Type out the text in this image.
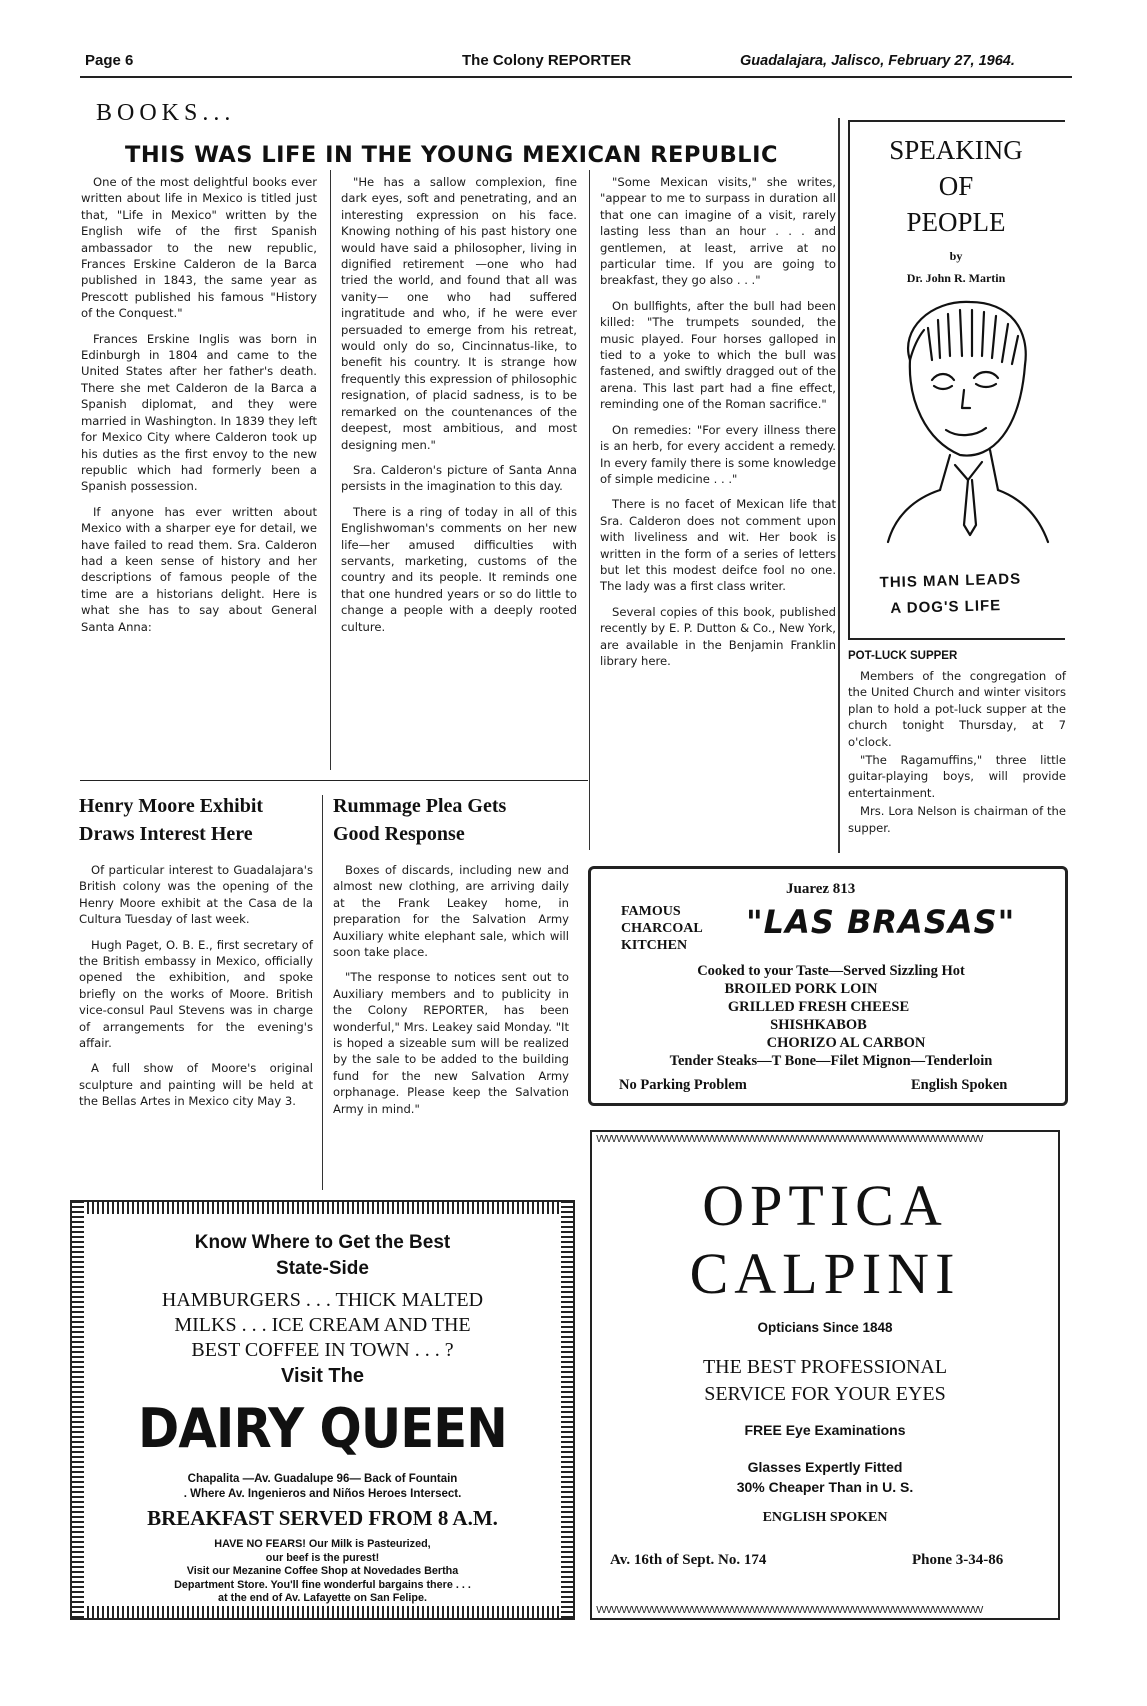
Page 6	The Colony REPORTER	Guadalajara, Jalisco, February 27, 1964.
BOOKS...
THIS WAS LIFE IN THE YOUNG MEXICAN REPUBLIC

One of the most delightful books ever written about life in Mexico is titled just that, "Life in Mexico" written by the English wife of the first Spanish ambassador to the new republic, Frances Erskine Calderon de la Barca published in 1843, the same year as Prescott published his famous "History of the Conquest."

Frances Erskine Inglis was born in Edinburgh in 1804 and came to the United States after her father's death. There she met Calderon de la Barca a Spanish diplomat, and they were married in Washington. In 1839 they left for Mexico City where Calderon took up his duties as the first envoy to the new republic which had formerly been a Spanish possession.

If anyone has ever written about Mexico with a sharper eye for detail, we have failed to read them. Sra. Calderon had a keen sense of history and her descriptions of famous people of the time are a historians delight. Here is what she has to say about General Santa Anna:

"He has a sallow complexion, fine dark eyes, soft and penetrating, and an interesting expression on his face. Knowing nothing of his past history one would have said a philosopher, living in dignified retirement —one who had tried the world, and found that all was vanity— one who had suffered ingratitude and who, if he were ever persuaded to emerge from his retreat, would only do so, Cincinnatus-like, to benefit his country. It is strange how frequently this expression of philosophic resignation, of placid sadness, is to be remarked on the countenances of the deepest, most ambitious, and most designing men."

Sra. Calderon's picture of Santa Anna persists in the imagination to this day.

There is a ring of today in all of this Englishwoman's comments on her new life—her amused difficulties with servants, marketing, customs of the country and its people. It reminds one that one hundred years or so do little to change a people with a deeply rooted culture.

"Some Mexican visits," she writes, "appear to me to surpass in duration all that one can imagine of a visit, rarely lasting less than an hour . . . and gentlemen, at least, arrive at no particular time. If you are going to breakfast, they go also . . ."

On bullfights, after the bull had been killed: "The trumpets sounded, the music played. Four horses galloped in tied to a yoke to which the bull was fastened, and swiftly dragged out of the arena. This last part had a fine effect, reminding one of the Roman sacrifice."

On remedies: "For every illness there is an herb, for every accident a remedy. In every family there is some knowledge of simple medicine . . ."

There is no facet of Mexican life that Sra. Calderon does not comment upon with liveliness and wit. Her book is written in the form of a series of letters but let this modest deifce fool no one. The lady was a first class writer.

Several copies of this book, published recently by E. P. Dutton & Co., New York, are available in the Benjamin Franklin library here.

SPEAKING
OF
PEOPLE
by
Dr. John R. Martin
THIS MAN LEADS
A DOG'S LIFE
POT-LUCK SUPPER

Members of the congregation of the United Church and winter visitors plan to hold a pot-luck supper at the church tonight Thursday, at 7 o'clock.

"The Ragamuffins," three little guitar-playing boys, will provide entertainment.

Mrs. Lora Nelson is chairman of the supper.

Henry Moore Exhibit
Draws Interest Here

Of particular interest to Guadalajara's British colony was the opening of the Henry Moore exhibit at the Casa de la Cultura Tuesday of last week.

Hugh Paget, O. B. E., first secretary of the British embassy in Mexico, officially opened the exhibition, and spoke briefly on the works of Moore. British vice-consul Paul Stevens was in charge of arrangements for the evening's affair.

A full show of Moore's original sculpture and painting will be held at the Bellas Artes in Mexico city May 3.

Rummage Plea Gets
Good Response

Boxes of discards, including new and almost new clothing, are arriving daily at the Frank Leakey home, in preparation for the Salvation Army Auxiliary white elephant sale, which will soon take place.

"The response to notices sent out to Auxiliary members and to publicity in the Colony REPORTER, has been wonderful," Mrs. Leakey said Monday. "It is hoped a sizeable sum will be realized by the sale to be added to the building fund for the new Salvation Army orphanage. Please keep the Salvation Army in mind."

Juarez 813
FAMOUS
CHARCOAL
KITCHEN
"LAS BRASAS"
Cooked to your Taste—Served Sizzling Hot
BROILED PORK LOIN
GRILLED FRESH CHEESE
SHISHKABOB
CHORIZO AL CARBON
Tender Steaks—T Bone—Filet Mignon—Tenderloin
No Parking Problem	English Spoken
Know Where to Get the Best
State-Side
HAMBURGERS . . . THICK MALTED
MILKS . . . ICE CREAM AND THE
BEST COFFEE IN TOWN . . . ?
Visit The
DAIRY QUEEN
Chapalita —Av. Guadalupe 96— Back of Fountain
. Where Av. Ingenieros and Niños Heroes Intersect.
BREAKFAST SERVED FROM 8 A.M.
HAVE NO FEARS! Our Milk is Pasteurized,
our beef is the purest!
Visit our Mezanine Coffee Shop at Novedades Bertha
Department Store. You'll fine wonderful bargains there . . .
at the end of Av. Lafayette on San Felipe.
VVVVVVVVVVVVVVVVVVVVVVVVVVVVVVVVVVVVVVVVVVVVVVVVVVVVVVVVVVVVVVVVVVVVVVVVVVVVV
VVVVVVVVVVVVVVVVVVVVVVVVVVVVVVVVVVVVVVVVVVVVVVVVVVVVVVVVVVVVVVVVVVVVVVVVVVVVV
OPTICA
CALPINI
Opticians Since 1848
THE BEST PROFESSIONAL
SERVICE FOR YOUR EYES
FREE Eye Examinations
Glasses Expertly Fitted
30% Cheaper Than in U. S.
ENGLISH SPOKEN
Av. 16th of Sept. No. 174	Phone 3-34-86
